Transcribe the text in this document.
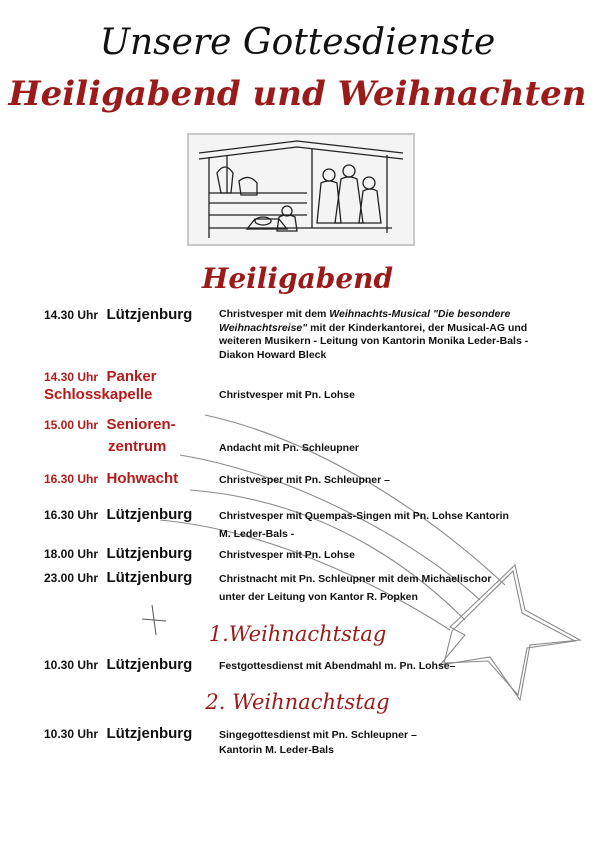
Unsere Gottesdienste
Heiligabend und Weihnachten
Heiligabend
14.30 Uhr Lützjenburg	Christvesper mit dem Weihnachts-Musical "Die besondere Weihnachtsreise" mit der Kinderkantorei, der Musical-AG und weiteren Musikern - Leitung von Kantorin Monika Leder-Bals - Diakon Howard Bleck
14.30 Uhr Panker
Schlosskapelle	Christvesper mit Pn. Lohse
15.00 Uhr Senioren-
zentrum	Andacht mit Pn. Schleupner
16.30 Uhr Hohwacht	Christvesper mit Pn. Schleupner –
16.30 Uhr Lützjenburg	Christvesper mit Quempas-Singen mit Pn. Lohse Kantorin
M. Leder-Bals -
18.00 Uhr Lützjenburg	Christvesper mit Pn. Lohse
23.00 Uhr Lützjenburg	Christnacht mit Pn. Schleupner mit dem Michaelischor
unter der Leitung von Kantor R. Popken
1.Weihnachtstag
10.30 Uhr Lützjenburg	Festgottesdienst mit Abendmahl m. Pn. Lohse–
2. Weihnachtstag
10.30 Uhr Lützjenburg	Singegottesdienst mit Pn. Schleupner –
Kantorin M. Leder-Bals
